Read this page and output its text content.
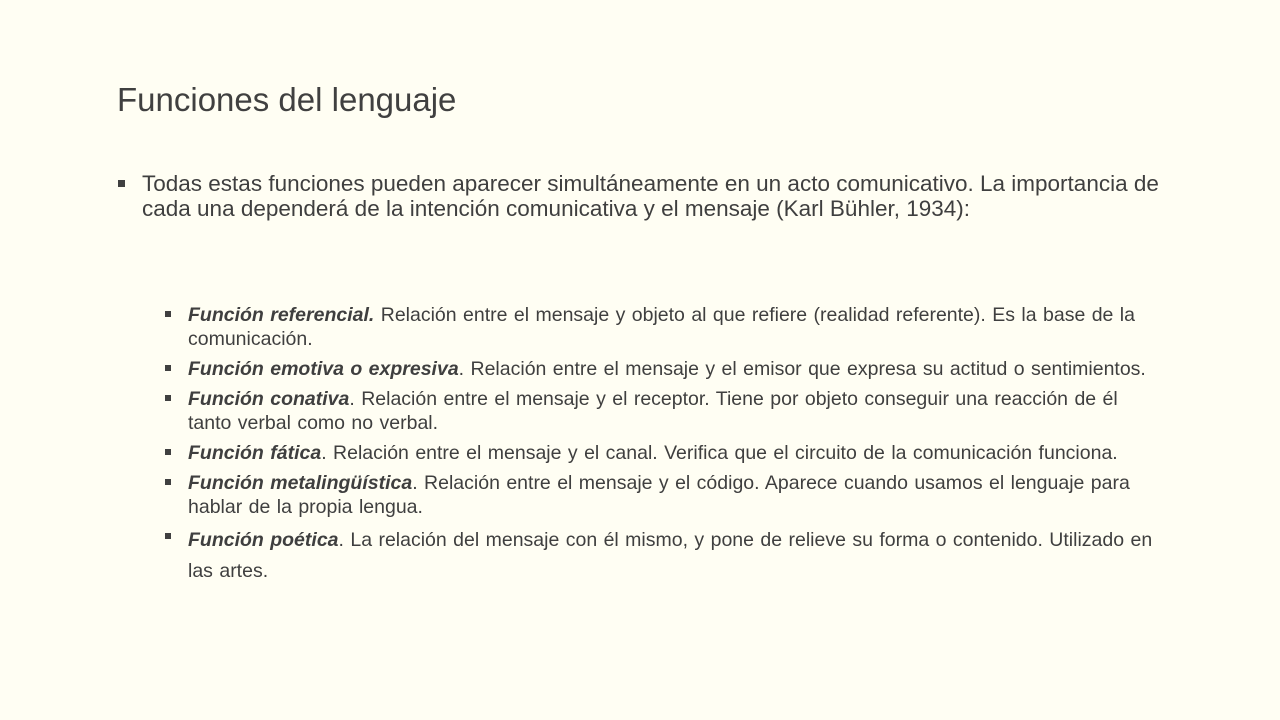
Funciones del lenguaje
Todas estas funciones pueden aparecer simultáneamente en un acto comunicativo. La importancia de cada una dependerá de la intención comunicativa y el mensaje (Karl Bühler, 1934):
Función referencial. Relación entre el mensaje y objeto al que refiere (realidad referente). Es la base de la comunicación.
Función emotiva o expresiva. Relación entre el mensaje y el emisor que expresa su actitud o sentimientos.
Función conativa. Relación entre el mensaje y el receptor. Tiene por objeto conseguir una reacción de él tanto verbal como no verbal.
Función fática. Relación entre el mensaje y el canal. Verifica que el circuito de la comunicación funciona.
Función metalingüística. Relación entre el mensaje y el código. Aparece cuando usamos el lenguaje para hablar de la propia lengua.
Función poética. La relación del mensaje con él mismo, y pone de relieve su forma o contenido. Utilizado en las artes.
